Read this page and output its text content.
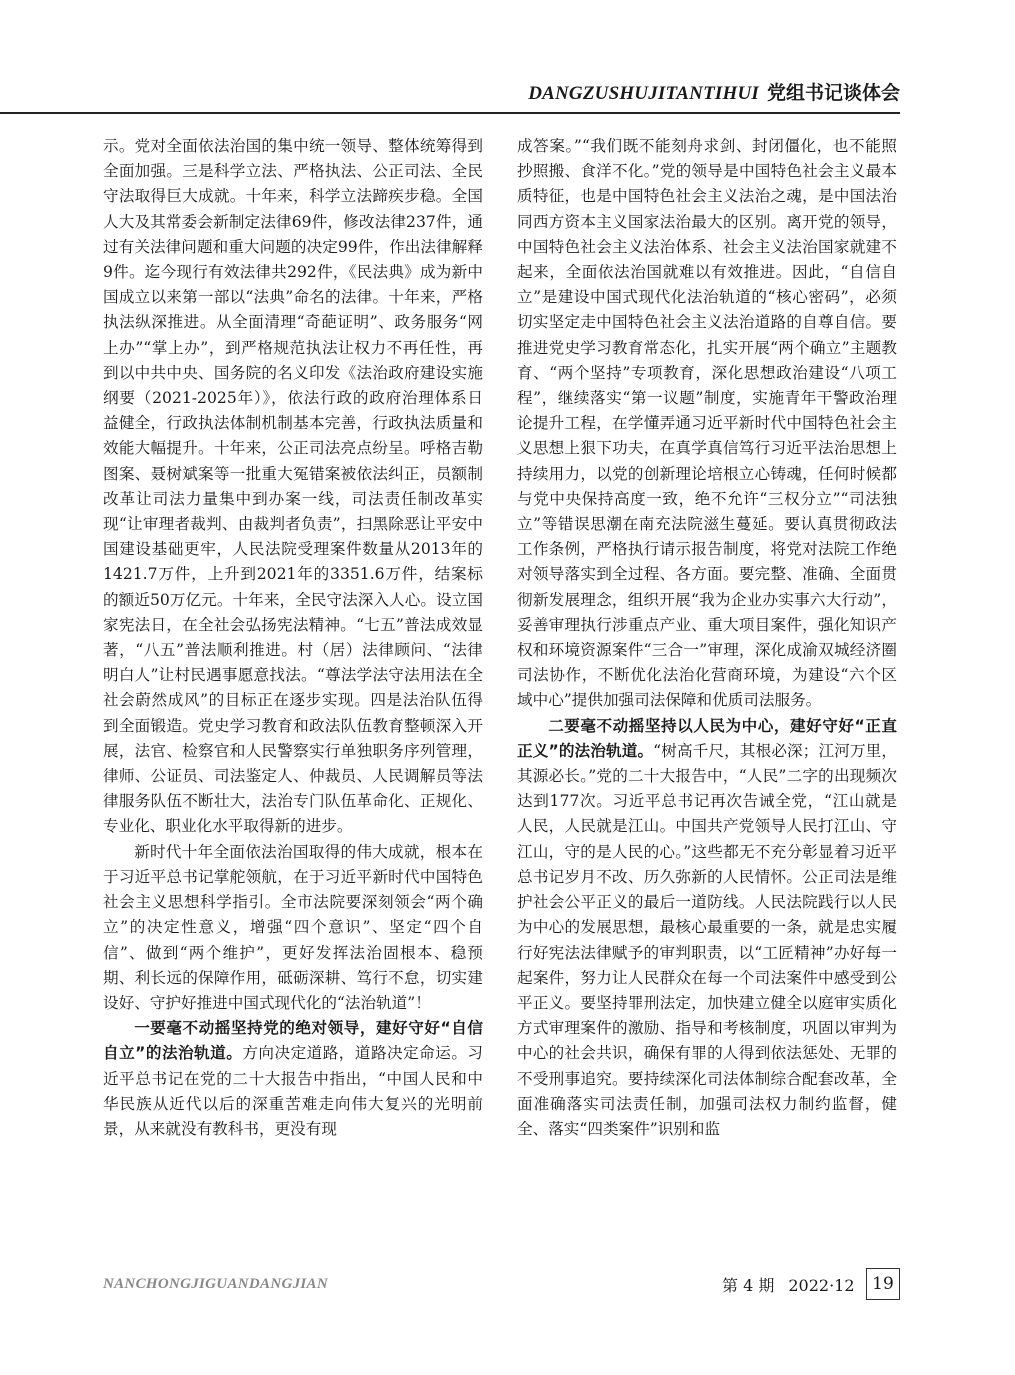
DANGZUSHUJITANTIHUI 党组书记谈体会

示。党对全面依法治国的集中统一领导、整体统筹得到全面加强。三是科学立法、严格执法、公正司法、全民守法取得巨大成就。十年来，科学立法蹄疾步稳。全国人大及其常委会新制定法律69件，修改法律237件，通过有关法律问题和重大问题的决定99件，作出法律解释9件。迄今现行有效法律共292件，《民法典》成为新中国成立以来第一部以“法典”命名的法律。十年来，严格执法纵深推进。从全面清理“奇葩证明”、政务服务“网上办”“掌上办”，到严格规范执法让权力不再任性，再到以中共中央、国务院的名义印发《法治政府建设实施纲要（2021-2025年）》，依法行政的政府治理体系日益健全，行政执法体制机制基本完善，行政执法质量和效能大幅提升。十年来，公正司法亮点纷呈。呼格吉勒图案、聂树斌案等一批重大冤错案被依法纠正，员额制改革让司法力量集中到办案一线，司法责任制改革实现“让审理者裁判、由裁判者负责”，扫黑除恶让平安中国建设基础更牢，人民法院受理案件数量从2013年的1421.7万件，上升到2021年的3351.6万件，结案标的额近50万亿元。十年来，全民守法深入人心。设立国家宪法日，在全社会弘扬宪法精神。“七五”普法成效显著，“八五”普法顺利推进。村（居）法律顾问、“法律明白人”让村民遇事愿意找法。“尊法学法守法用法在全社会蔚然成风”的目标正在逐步实现。四是法治队伍得到全面锻造。党史学习教育和政法队伍教育整顿深入开展，法官、检察官和人民警察实行单独职务序列管理，律师、公证员、司法鉴定人、仲裁员、人民调解员等法律服务队伍不断壮大，法治专门队伍革命化、正规化、专业化、职业化水平取得新的进步。

新时代十年全面依法治国取得的伟大成就，根本在于习近平总书记掌舵领航，在于习近平新时代中国特色社会主义思想科学指引。全市法院要深刻领会“两个确立”的决定性意义，增强“四个意识”、坚定“四个自信”、做到“两个维护”，更好发挥法治固根本、稳预期、利长远的保障作用，砥砺深耕、笃行不怠，切实建设好、守护好推进中国式现代化的“法治轨道”！

一要毫不动摇坚持党的绝对领导，建好守好“自信自立”的法治轨道。方向决定道路，道路决定命运。习近平总书记在党的二十大报告中指出，“中国人民和中华民族从近代以后的深重苦难走向伟大复兴的光明前景，从来就没有教科书，更没有现

成答案。”“我们既不能刻舟求剑、封闭僵化，也不能照抄照搬、食洋不化。”党的领导是中国特色社会主义最本质特征，也是中国特色社会主义法治之魂，是中国法治同西方资本主义国家法治最大的区别。离开党的领导，中国特色社会主义法治体系、社会主义法治国家就建不起来，全面依法治国就难以有效推进。因此，“自信自立”是建设中国式现代化法治轨道的“核心密码”，必须切实坚定走中国特色社会主义法治道路的自尊自信。要推进党史学习教育常态化，扎实开展“两个确立”主题教育、“两个坚持”专项教育，深化思想政治建设“八项工程”，继续落实“第一议题”制度，实施青年干警政治理论提升工程，在学懂弄通习近平新时代中国特色社会主义思想上狠下功夫，在真学真信笃行习近平法治思想上持续用力，以党的创新理论培根立心铸魂，任何时候都与党中央保持高度一致，绝不允许“三权分立”“司法独立”等错误思潮在南充法院滋生蔓延。要认真贯彻政法工作条例，严格执行请示报告制度，将党对法院工作绝对领导落实到全过程、各方面。要完整、准确、全面贯彻新发展理念，组织开展“我为企业办实事六大行动”，妥善审理执行涉重点产业、重大项目案件，强化知识产权和环境资源案件“三合一”审理，深化成渝双城经济圈司法协作，不断优化法治化营商环境，为建设“六个区域中心”提供加强司法保障和优质司法服务。

二要毫不动摇坚持以人民为中心，建好守好“正直正义”的法治轨道。“树高千尺，其根必深；江河万里，其源必长。”党的二十大报告中，“人民”二字的出现频次达到177次。习近平总书记再次告诫全党，“江山就是人民，人民就是江山。中国共产党领导人民打江山、守江山，守的是人民的心。”这些都无不充分彰显着习近平总书记岁月不改、历久弥新的人民情怀。公正司法是维护社会公平正义的最后一道防线。人民法院践行以人民为中心的发展思想，最核心最重要的一条，就是忠实履行好宪法法律赋予的审判职责，以“工匠精神”办好每一起案件，努力让人民群众在每一个司法案件中感受到公平正义。要坚持罪刑法定，加快建立健全以庭审实质化方式审理案件的激励、指导和考核制度，巩固以审判为中心的社会共识，确保有罪的人得到依法惩处、无罪的不受刑事追究。要持续深化司法体制综合配套改革，全面准确落实司法责任制，加强司法权力制约监督，健全、落实“四类案件”识别和监

NANCHONGJIGUANDANGJIAN	第 4 期 2022·12	19
